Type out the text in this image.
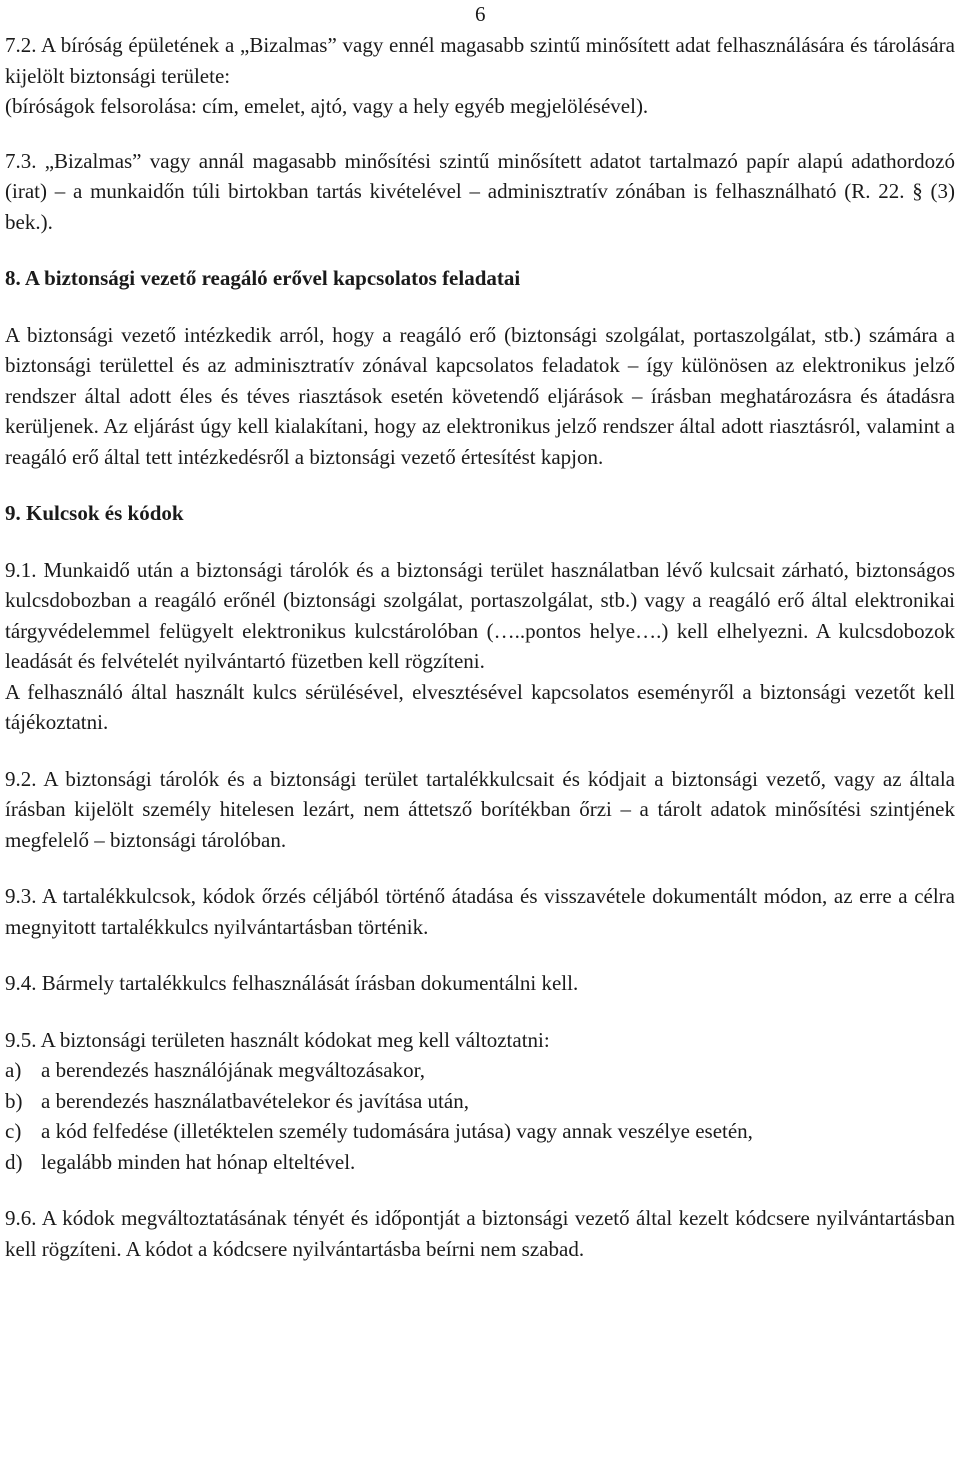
6

7.2. A bíróság épületének a „Bizalmas” vagy ennél magasabb szintű minősített adat felhasználására és tárolására kijelölt biztonsági területe:

(bíróságok felsorolása: cím, emelet, ajtó, vagy a hely egyéb megjelölésével).

7.3. „Bizalmas” vagy annál magasabb minősítési szintű minősített adatot tartalmazó papír alapú adathordozó (irat) – a munkaidőn túli birtokban tartás kivételével – adminisztratív zónában is felhasználható (R. 22. § (3) bek.).

8. A biztonsági vezető reagáló erővel kapcsolatos feladatai

A biztonsági vezető intézkedik arról, hogy a reagáló erő (biztonsági szolgálat, portaszolgálat, stb.) számára a biztonsági területtel és az adminisztratív zónával kapcsolatos feladatok – így különösen az elektronikus jelző rendszer által adott éles és téves riasztások esetén követendő eljárások – írásban meghatározásra és átadásra kerüljenek. Az eljárást úgy kell kialakítani, hogy az elektronikus jelző rendszer által adott riasztásról, valamint a reagáló erő által tett intézkedésről a biztonsági vezető értesítést kapjon.

9. Kulcsok és kódok

9.1. Munkaidő után a biztonsági tárolók és a biztonsági terület használatban lévő kulcsait zárható, biztonságos kulcsdobozban a reagáló erőnél (biztonsági szolgálat, portaszolgálat, stb.) vagy a reagáló erő által elektronikai tárgyvédelemmel felügyelt elektronikus kulcstárolóban (…..pontos helye….) kell elhelyezni. A kulcsdobozok leadását és felvételét nyilvántartó füzetben kell rögzíteni.

A felhasználó által használt kulcs sérülésével, elvesztésével kapcsolatos eseményről a biztonsági vezetőt kell tájékoztatni.

9.2. A biztonsági tárolók és a biztonsági terület tartalékkulcsait és kódjait a biztonsági vezető, vagy az általa írásban kijelölt személy hitelesen lezárt, nem áttetsző borítékban őrzi – a tárolt adatok minősítési szintjének megfelelő – biztonsági tárolóban.

9.3. A tartalékkulcsok, kódok őrzés céljából történő átadása és visszavétele dokumentált módon, az erre a célra megnyitott tartalékkulcs nyilvántartásban történik.

9.4. Bármely tartalékkulcs felhasználását írásban dokumentálni kell.

9.5. A biztonsági területen használt kódokat meg kell változtatni:

a) a berendezés használójának megváltozásakor,
b) a berendezés használatbavételekor és javítása után,
c) a kód felfedése (illetéktelen személy tudomására jutása) vagy annak veszélye esetén,
d) legalább minden hat hónap elteltével.

9.6. A kódok megváltoztatásának tényét és időpontját a biztonsági vezető által kezelt kódcsere nyilvántartásban kell rögzíteni. A kódot a kódcsere nyilvántartásba beírni nem szabad.
